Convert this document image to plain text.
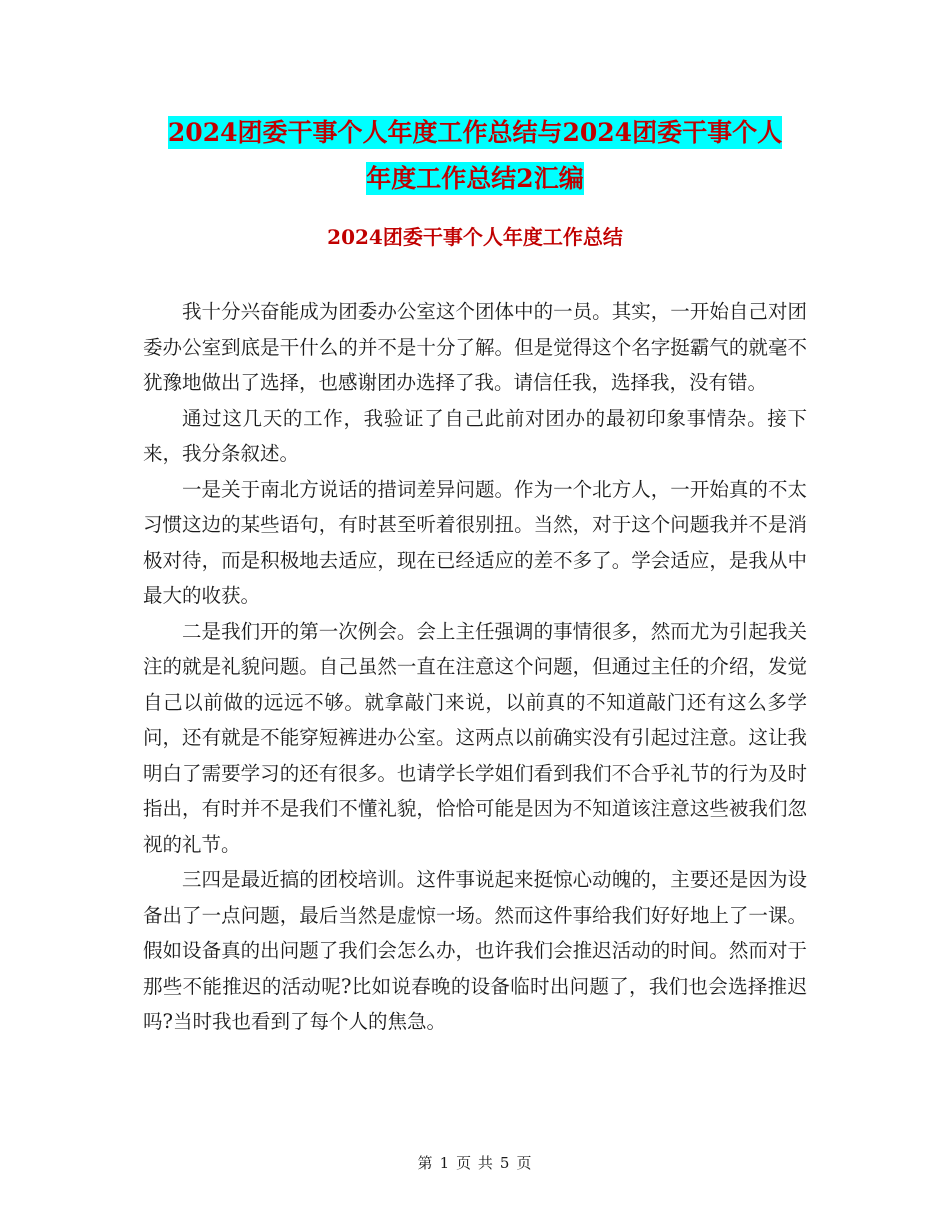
2024团委干事个人年度工作总结与2024团委干事个人
年度工作总结2汇编
2024团委干事个人年度工作总结

我十分兴奋能成为团委办公室这个团体中的一员。其实，一开始自己对团委办公室到底是干什么的并不是十分了解。但是觉得这个名字挺霸气的就毫不犹豫地做出了选择，也感谢团办选择了我。请信任我，选择我，没有错。

通过这几天的工作，我验证了自己此前对团办的最初印象事情杂。接下来，我分条叙述。

一是关于南北方说话的措词差异问题。作为一个北方人，一开始真的不太习惯这边的某些语句，有时甚至听着很别扭。当然，对于这个问题我并不是消极对待，而是积极地去适应，现在已经适应的差不多了。学会适应，是我从中最大的收获。

二是我们开的第一次例会。会上主任强调的事情很多，然而尤为引起我关注的就是礼貌问题。自己虽然一直在注意这个问题，但通过主任的介绍，发觉自己以前做的远远不够。就拿敲门来说，以前真的不知道敲门还有这么多学问，还有就是不能穿短裤进办公室。这两点以前确实没有引起过注意。这让我明白了需要学习的还有很多。也请学长学姐们看到我们不合乎礼节的行为及时指出，有时并不是我们不懂礼貌，恰恰可能是因为不知道该注意这些被我们忽视的礼节。

三四是最近搞的团校培训。这件事说起来挺惊心动魄的，主要还是因为设备出了一点问题，最后当然是虚惊一场。然而这件事给我们好好地上了一课。假如设备真的出问题了我们会怎么办，也许我们会推迟活动的时间。然而对于那些不能推迟的活动呢?比如说春晚的设备临时出问题了，我们也会选择推迟吗?当时我也看到了每个人的焦急。

第 1 页 共 5 页
